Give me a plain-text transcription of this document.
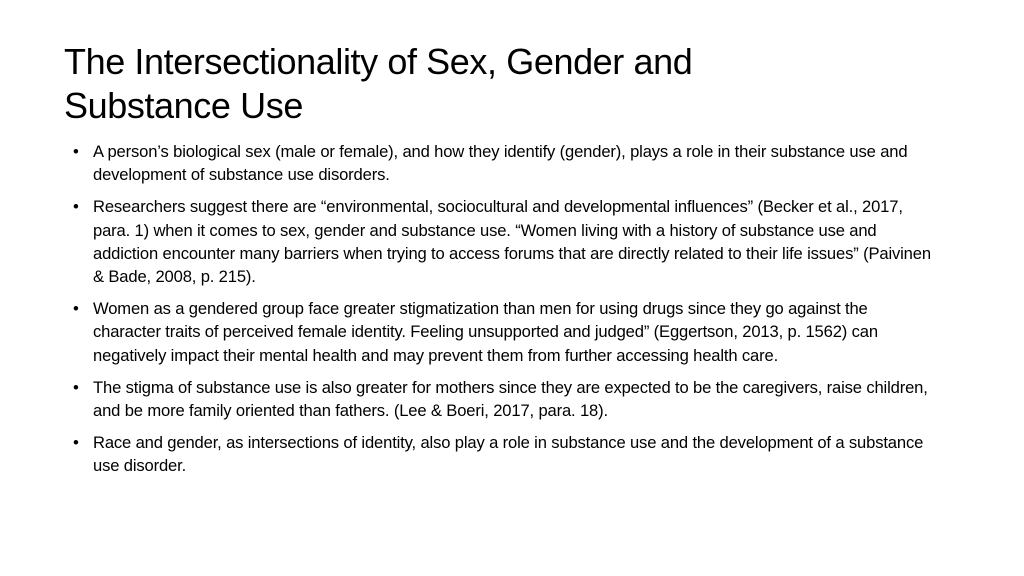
The Intersectionality of Sex, Gender and
Substance Use
• A person’s biological sex (male or female), and how they identify (gender), plays a role in their substance use and development of substance use disorders.
• Researchers suggest there are “environmental, sociocultural and developmental influences” (Becker et al., 2017, para. 1) when it comes to sex, gender and substance use. “Women living with a history of substance use and addiction encounter many barriers when trying to access forums that are directly related to their life issues” (Paivinen & Bade, 2008, p. 215).
• Women as a gendered group face greater stigmatization than men for using drugs since they go against the character traits of perceived female identity. Feeling unsupported and judged” (Eggertson, 2013, p. 1562) can negatively impact their mental health and may prevent them from further accessing health care.
• The stigma of substance use is also greater for mothers since they are expected to be the caregivers, raise children, and be more family oriented than fathers. (Lee & Boeri, 2017, para. 18).
• Race and gender, as intersections of identity, also play a role in substance use and the development of a substance use disorder.
